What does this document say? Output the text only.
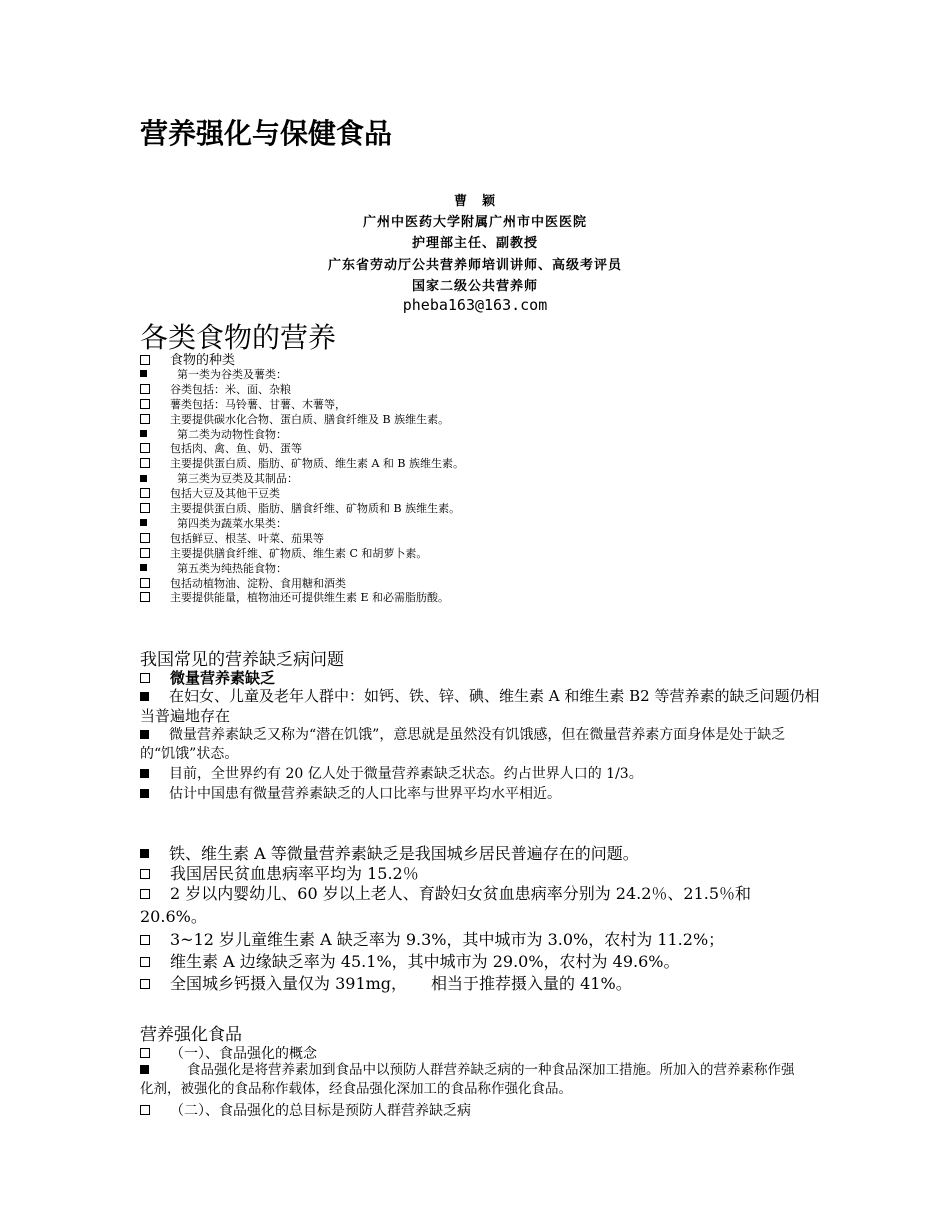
营养强化与保健食品
曹　颖
广州中医药大学附属广州市中医医院
护理部主任、副教授
广东省劳动厅公共营养师培训讲师、高级考评员
国家二级公共营养师
pheba163@163.com
各类食物的营养
食物的种类
第一类为谷类及薯类：
谷类包括：米、面、杂粮
薯类包括：马铃薯、甘薯、木薯等，
主要提供碳水化合物、蛋白质、膳食纤维及 B 族维生素。
第二类为动物性食物：
包括肉、禽、鱼、奶、蛋等
主要提供蛋白质、脂肪、矿物质、维生素 A 和 B 族维生素。
第三类为豆类及其制品：
包括大豆及其他干豆类
主要提供蛋白质、脂肪、膳食纤维、矿物质和 B 族维生素。
第四类为蔬菜水果类：
包括鲜豆、根茎、叶菜、茄果等
主要提供膳食纤维、矿物质、维生素 C 和胡萝卜素。
第五类为纯热能食物：
包括动植物油、淀粉、食用糖和酒类
主要提供能量，植物油还可提供维生素 E 和必需脂肪酸。
我国常见的营养缺乏病问题
微量营养素缺乏
在妇女、儿童及老年人群中：如钙、铁、锌、碘、维生素 A 和维生素 B2 等营养素的缺乏问题仍相当普遍地存在
微量营养素缺乏又称为“潜在饥饿”，意思就是虽然没有饥饿感，但在微量营养素方面身体是处于缺乏的“饥饿”状态。
目前，全世界约有 20 亿人处于微量营养素缺乏状态。约占世界人口的 1/3。
估计中国患有微量营养素缺乏的人口比率与世界平均水平相近。
铁、维生素 A 等微量营养素缺乏是我国城乡居民普遍存在的问题。
我国居民贫血患病率平均为 15.2％
2 岁以内婴幼儿、60 岁以上老人、育龄妇女贫血患病率分别为 24.2％、21.5％和 20.6%。
3~12 岁儿童维生素 A 缺乏率为 9.3%，其中城市为 3.0%，农村为 11.2%；
维生素 A 边缘缺乏率为 45.1%，其中城市为 29.0%，农村为 49.6%。
全国城乡钙摄入量仅为 391mg，　　相当于推荐摄入量的 41%。
营养强化食品
（一）、食品强化的概念
食品强化是将营养素加到食品中以预防人群营养缺乏病的一种食品深加工措施。所加入的营养素称作强化剂，被强化的食品称作载体，经食品强化深加工的食品称作强化食品。
（二）、食品强化的总目标是预防人群营养缺乏病
